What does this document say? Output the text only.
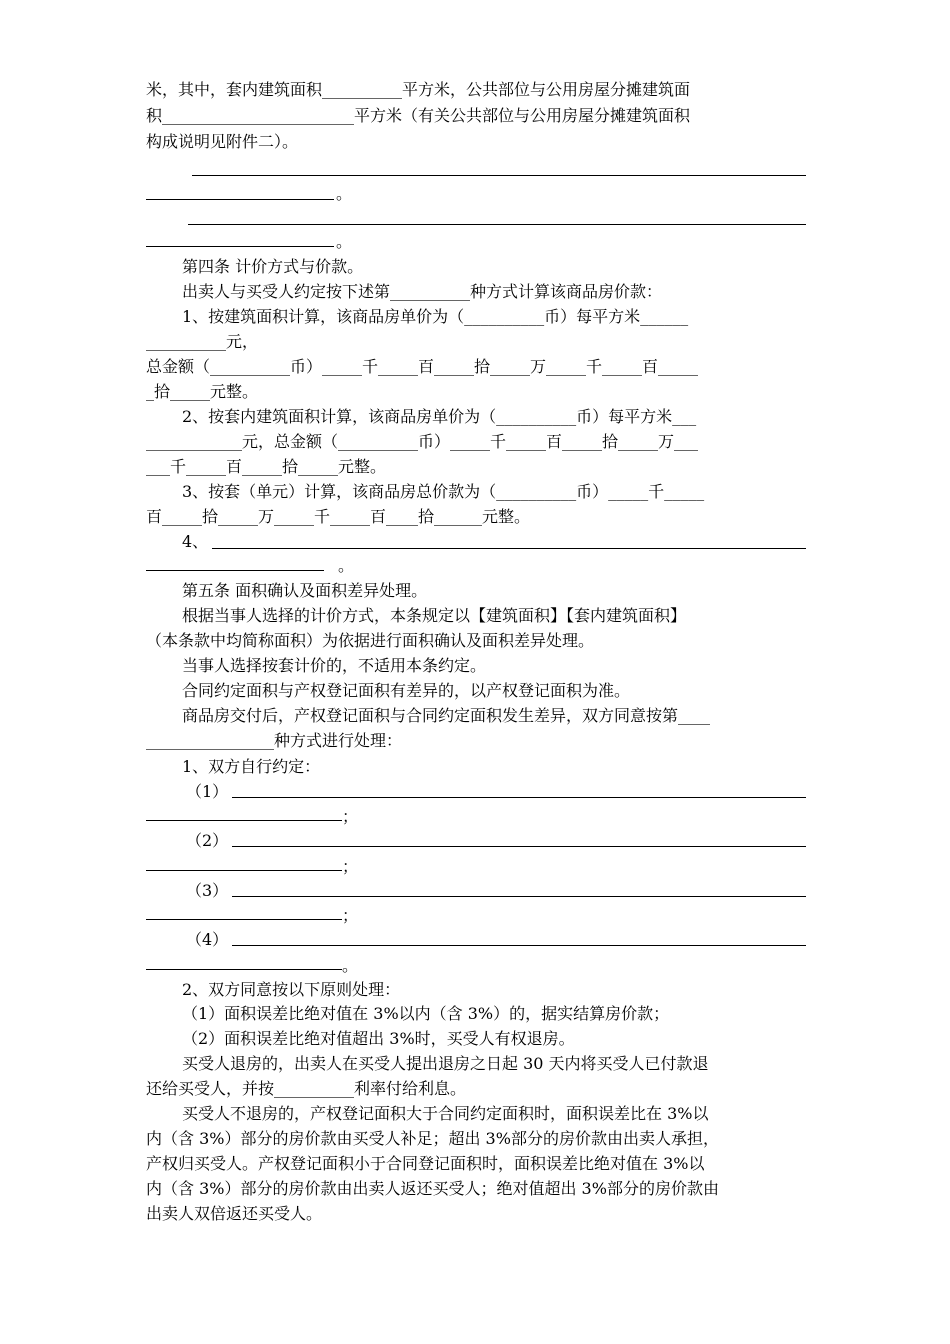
米，其中，套内建筑面积__________平方米，公共部位与公用房屋分摊建筑面
积________________________平方米（有关公共部位与公用房屋分摊建筑面积
构成说明见附件二）。
。
。
第四条 计价方式与价款。
出卖人与买受人约定按下述第__________种方式计算该商品房价款：
1、按建筑面积计算，该商品房单价为（__________币）每平方米______
__________元，
总金额（__________币）_____千_____百_____拾_____万_____千_____百_____
_拾_____元整。
2、按套内建筑面积计算，该商品房单价为（__________币）每平方米___
____________元，总金额（__________币）_____千_____百_____拾_____万___
___千_____百_____拾_____元整。
3、按套（单元）计算，该商品房总价款为（__________币）_____千_____
百_____拾_____万_____千_____百____拾______元整。
4、
。
第五条 面积确认及面积差异处理。
根据当事人选择的计价方式，本条规定以【建筑面积】【套内建筑面积】
（本条款中均简称面积）为依据进行面积确认及面积差异处理。
当事人选择按套计价的，不适用本条约定。
合同约定面积与产权登记面积有差异的，以产权登记面积为准。
商品房交付后，产权登记面积与合同约定面积发生差异，双方同意按第____
________________种方式进行处理：
1、双方自行约定：
（1）
；
（2）
；
（3）
；
（4）
。
2、双方同意按以下原则处理：
（1）面积误差比绝对值在 3%以内（含 3%）的，据实结算房价款；
（2）面积误差比绝对值超出 3%时，买受人有权退房。
买受人退房的，出卖人在买受人提出退房之日起 30 天内将买受人已付款退
还给买受人，并按__________利率付给利息。
买受人不退房的，产权登记面积大于合同约定面积时，面积误差比在 3%以
内（含 3%）部分的房价款由买受人补足；超出 3%部分的房价款由出卖人承担，
产权归买受人。产权登记面积小于合同登记面积时，面积误差比绝对值在 3%以
内（含 3%）部分的房价款由出卖人返还买受人；绝对值超出 3%部分的房价款由
出卖人双倍返还买受人。
